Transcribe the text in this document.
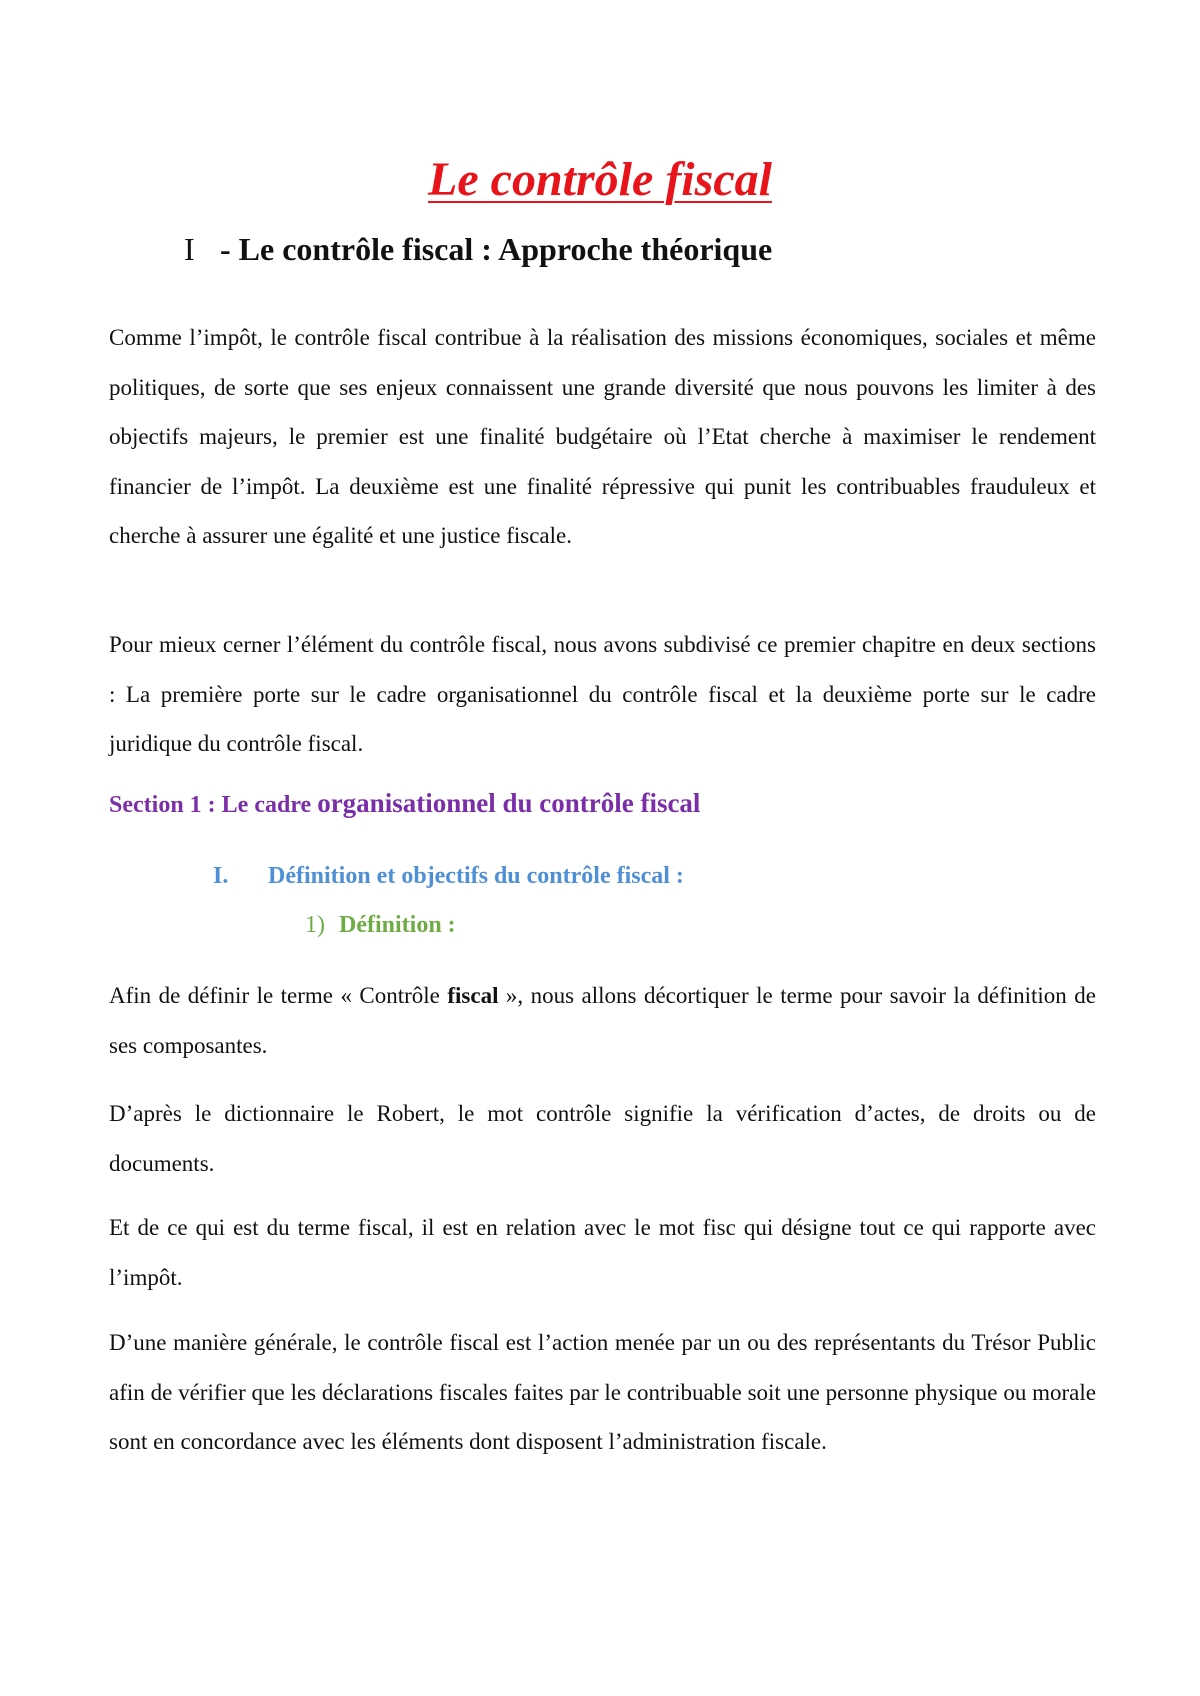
Le contrôle fiscal
I - Le contrôle fiscal : Approche théorique

Comme l’impôt, le contrôle fiscal contribue à la réalisation des missions économiques, sociales et même politiques, de sorte que ses enjeux connaissent une grande diversité que nous pouvons les limiter à des objectifs majeurs, le premier est une finalité budgétaire où l’Etat cherche à maximiser le rendement financier de l’impôt. La deuxième est une finalité répressive qui punit les contribuables frauduleux et cherche à assurer une égalité et une justice fiscale.

Pour mieux cerner l’élément du contrôle fiscal, nous avons subdivisé ce premier chapitre en deux sections : La première porte sur le cadre organisationnel du contrôle fiscal et la deuxième porte sur le cadre juridique du contrôle fiscal.

Section 1 : Le cadre organisationnel du contrôle fiscal
I. Définition et objectifs du contrôle fiscal :
1) Définition :

Afin de définir le terme « Contrôle fiscal », nous allons décortiquer le terme pour savoir la définition de ses composantes.

D’après le dictionnaire le Robert, le mot contrôle signifie la vérification d’actes, de droits ou de documents.

Et de ce qui est du terme fiscal, il est en relation avec le mot fisc qui désigne tout ce qui rapporte avec l’impôt.

D’une manière générale, le contrôle fiscal est l’action menée par un ou des représentants du Trésor Public afin de vérifier que les déclarations fiscales faites par le contribuable soit une personne physique ou morale sont en concordance avec les éléments dont disposent l’administration fiscale.
